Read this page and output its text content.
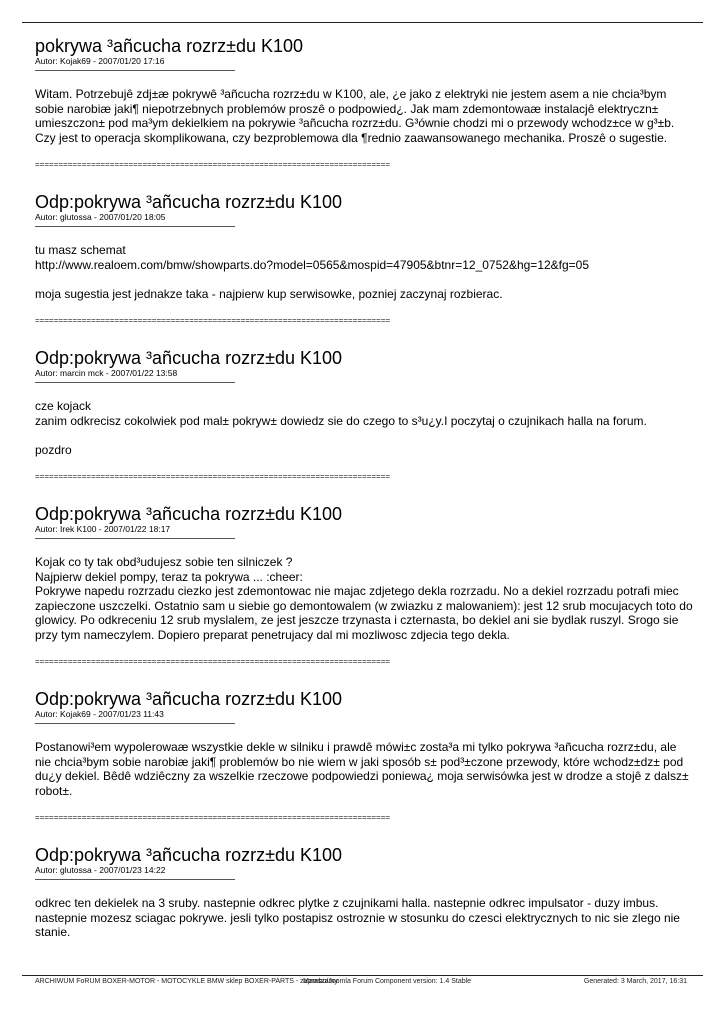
pokrywa ³añcucha rozrz±du K100
Autor: Kojak69 - 2007/01/20 17:16

Witam. Potrzebujê zdj±æ pokrywê ³añcucha rozrz±du w K100, ale, ¿e jako z elektryki nie jestem asem a nie chcia³bym sobie narobiæ jaki¶ niepotrzebnych problemów proszê o podpowied¿. Jak mam zdemontowaæ instalacjê elektryczn± umieszczon± pod ma³ym dekielkiem na pokrywie ³añcucha rozrz±du. G³ównie chodzi mi o przewody wchodz±ce w g³±b. Czy jest to operacja skomplikowana, czy bezproblemowa dla ¶rednio zaawansowanego mechanika. Proszê o sugestie.

============================================================================
Odp:pokrywa ³añcucha rozrz±du K100
Autor: glutossa - 2007/01/20 18:05

tu masz schemat
http://www.realoem.com/bmw/showparts.do?model=0565&mospid=47905&btnr=12_0752&hg=12&fg=05

moja sugestia jest jednakze taka - najpierw kup serwisowke, pozniej zaczynaj rozbierac.

============================================================================
Odp:pokrywa ³añcucha rozrz±du K100
Autor: marcin mck - 2007/01/22 13:58

cze kojack
zanim odkrecisz cokolwiek pod mal± pokryw± dowiedz sie do czego to s³u¿y.I poczytaj o czujnikach halla na forum.

pozdro

============================================================================
Odp:pokrywa ³añcucha rozrz±du K100
Autor: Irek K100 - 2007/01/22 18:17

Kojak co ty tak obd³udujesz sobie ten silniczek ?
Najpierw dekiel pompy, teraz ta pokrywa ... :cheer:
Pokrywe napedu rozrzadu ciezko jest zdemontowac nie majac zdjetego dekla rozrzadu. No a dekiel rozrzadu potrafi miec zapieczone uszczelki. Ostatnio sam u siebie go demontowalem (w zwiazku z malowaniem): jest 12 srub mocujacych toto do glowicy. Po odkreceniu 12 srub myslalem, ze jest jeszcze trzynasta i czternasta, bo dekiel ani sie bydlak ruszyl. Srogo sie przy tym nameczylem. Dopiero preparat penetrujacy dal mi mozliwosc zdjecia tego dekla.

============================================================================
Odp:pokrywa ³añcucha rozrz±du K100
Autor: Kojak69 - 2007/01/23 11:43

Postanowi³em wypolerowaæ wszystkie dekle w silniku i prawdê mówi±c zosta³a mi tylko pokrywa ³añcucha rozrz±du, ale nie chcia³bym sobie narobiæ jaki¶ problemów bo nie wiem w jaki sposób s± pod³±czone przewody, które wchodz±dz± pod du¿y dekiel. Bêdê wdziêczny za wszelkie rzeczowe podpowiedzi poniewa¿ moja serwisówka jest w drodze a stojê z dalsz± robot±.

============================================================================
Odp:pokrywa ³añcucha rozrz±du K100
Autor: glutossa - 2007/01/23 14:22

odkrec ten dekielek na 3 sruby. nastepnie odkrec plytke z czujnikami halla. nastepnie odkrec impulsator - duzy imbus. nastepnie mozesz sciagac pokrywe. jesli tylko postapisz ostroznie w stosunku do czesci elektrycznych to nic sie zlego nie stanie.

ARCHIWUM FoRUM BOXER-MOTOR - MOTOCYKLE BMW sklep BOXER-PARTS - zapraszamy
Mambo/Joomla Forum Component version: 1.4 Stable	Generated: 3 March, 2017, 16:31
